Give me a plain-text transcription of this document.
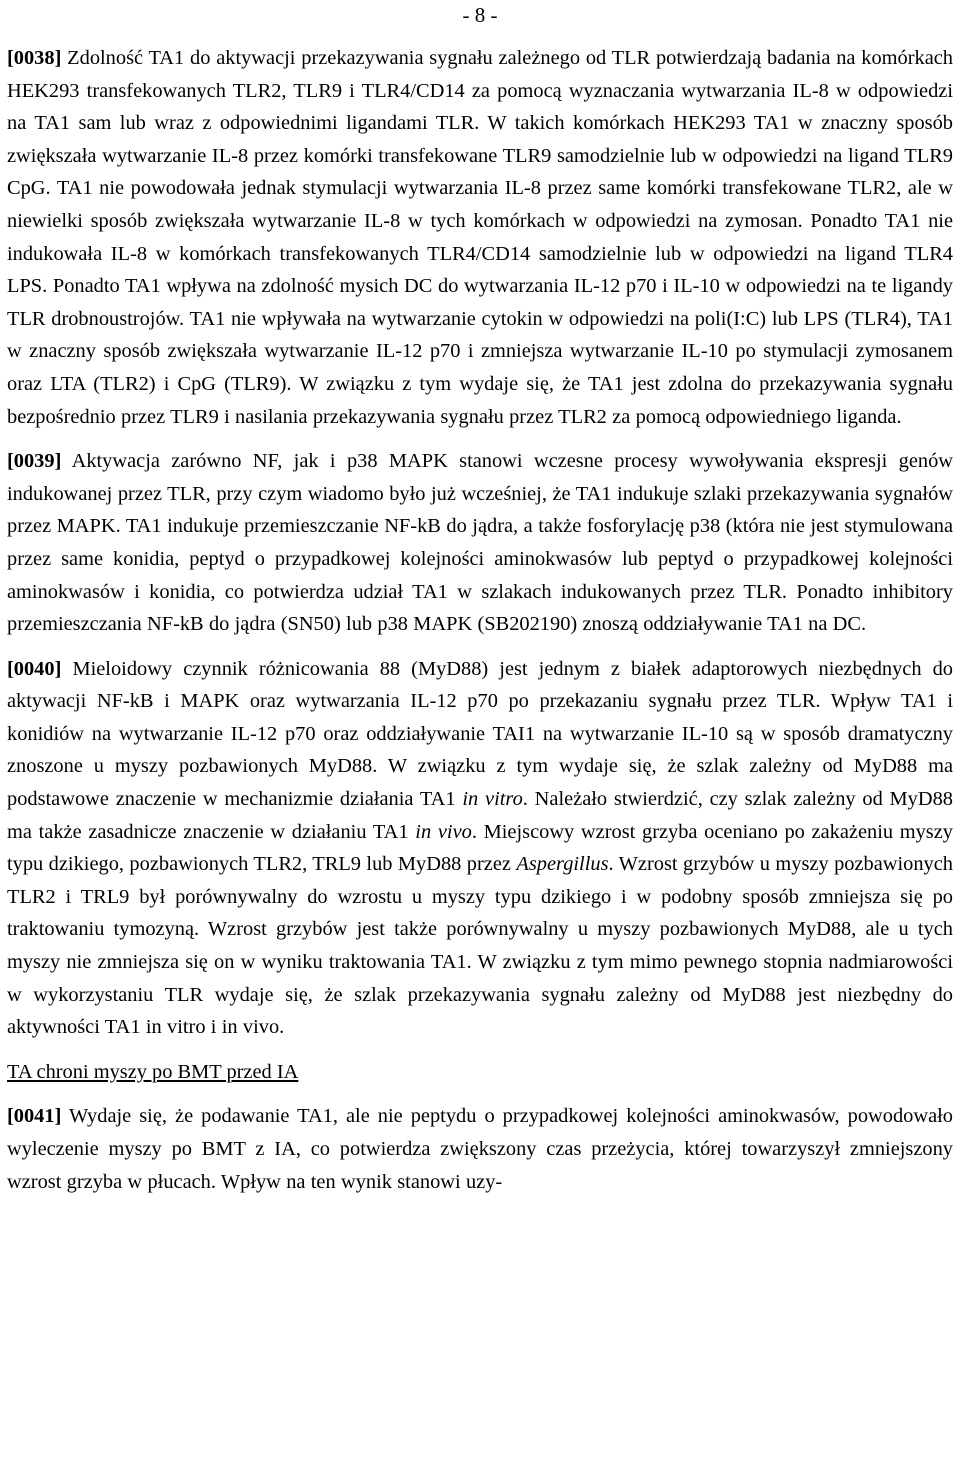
- 8 -

[0038] Zdolność TA1 do aktywacji przekazywania sygnału zależnego od TLR potwierdzają badania na komórkach HEK293 transfekowanych TLR2, TLR9 i TLR4/CD14 za pomocą wyznaczania wytwarzania IL-8 w odpowiedzi na TA1 sam lub wraz z odpowiednimi ligandami TLR. W takich komórkach HEK293 TA1 w znaczny sposób zwiększała wytwarzanie IL-8 przez komórki transfekowane TLR9 samodzielnie lub w odpowiedzi na ligand TLR9 CpG. TA1 nie powodowała jednak stymulacji wytwarzania IL-8 przez same komórki transfekowane TLR2, ale w niewielki sposób zwiększała wytwarzanie IL-8 w tych komórkach w odpowiedzi na zymosan. Ponadto TA1 nie indukowała IL-8 w komórkach transfekowanych TLR4/CD14 samodzielnie lub w odpowiedzi na ligand TLR4 LPS. Ponadto TA1 wpływa na zdolność mysich DC do wytwarzania IL-12 p70 i IL-10 w odpowiedzi na te ligandy TLR drobnoustrojów. TA1 nie wpływała na wytwarzanie cytokin w odpowiedzi na poli(I:C) lub LPS (TLR4), TA1 w znaczny sposób zwiększała wytwarzanie IL-12 p70 i zmniejsza wytwarzanie IL-10 po stymulacji zymosanem oraz LTA (TLR2) i CpG (TLR9). W związku z tym wydaje się, że TA1 jest zdolna do przekazywania sygnału bezpośrednio przez TLR9 i nasilania przekazywania sygnału przez TLR2 za pomocą odpowiedniego liganda.

[0039] Aktywacja zarówno NF, jak i p38 MAPK stanowi wczesne procesy wywoływania ekspresji genów indukowanej przez TLR, przy czym wiadomo było już wcześniej, że TA1 indukuje szlaki przekazywania sygnałów przez MAPK. TA1 indukuje przemieszczanie NF-kB do jądra, a także fosforylację p38 (która nie jest stymulowana przez same konidia, peptyd o przypadkowej kolejności aminokwasów lub peptyd o przypadkowej kolejności aminokwasów i konidia, co potwierdza udział TA1 w szlakach indukowanych przez TLR. Ponadto inhibitory przemieszczania NF-kB do jądra (SN50) lub p38 MAPK (SB202190) znoszą oddziaływanie TA1 na DC.

[0040] Mieloidowy czynnik różnicowania 88 (MyD88) jest jednym z białek adaptorowych niezbędnych do aktywacji NF-kB i MAPK oraz wytwarzania IL-12 p70 po przekazaniu sygnału przez TLR. Wpływ TA1 i konidiów na wytwarzanie IL-12 p70 oraz oddziaływanie TAI1 na wytwarzanie IL-10 są w sposób dramatyczny znoszone u myszy pozbawionych MyD88. W związku z tym wydaje się, że szlak zależny od MyD88 ma podstawowe znaczenie w mechanizmie działania TA1 in vitro. Należało stwierdzić, czy szlak zależny od MyD88 ma także zasadnicze znaczenie w działaniu TA1 in vivo. Miejscowy wzrost grzyba oceniano po zakażeniu myszy typu dzikiego, pozbawionych TLR2, TRL9 lub MyD88 przez Aspergillus. Wzrost grzybów u myszy pozbawionych TLR2 i TRL9 był porównywalny do wzrostu u myszy typu dzikiego i w podobny sposób zmniejsza się po traktowaniu tymozyną. Wzrost grzybów jest także porównywalny u myszy pozbawionych MyD88, ale u tych myszy nie zmniejsza się on w wyniku traktowania TA1. W związku z tym mimo pewnego stopnia nadmiarowości w wykorzystaniu TLR wydaje się, że szlak przekazywania sygnału zależny od MyD88 jest niezbędny do aktywności TA1 in vitro i in vivo.

TA chroni myszy po BMT przed IA

[0041] Wydaje się, że podawanie TA1, ale nie peptydu o przypadkowej kolejności aminokwasów, powodowało wyleczenie myszy po BMT z IA, co potwierdza zwiększony czas przeżycia, której towarzyszył zmniejszony wzrost grzyba w płucach. Wpływ na ten wynik stanowi uzy-
